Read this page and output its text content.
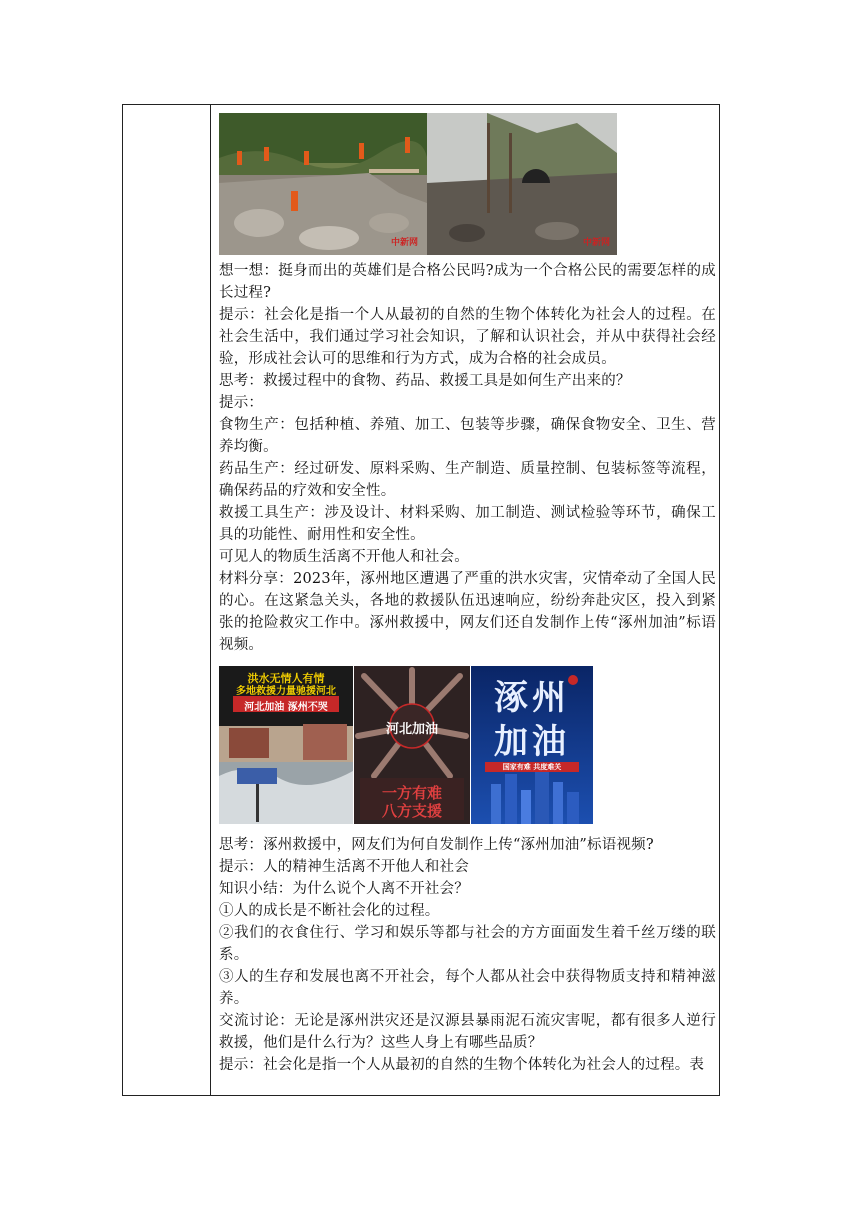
中新网	中新网

想一想：挺身而出的英雄们是合格公民吗?成为一个合格公民的需要怎样的成长过程?

提示：社会化是指一个人从最初的自然的生物个体转化为社会人的过程。在社会生活中，我们通过学习社会知识，了解和认识社会，并从中获得社会经验，形成社会认可的思维和行为方式，成为合格的社会成员。

思考：救援过程中的食物、药品、救援工具是如何生产出来的？

提示：

食物生产：包括种植、养殖、加工、包装等步骤，确保食物安全、卫生、营养均衡。

药品生产：经过研发、原料采购、生产制造、质量控制、包装标签等流程，确保药品的疗效和安全性。

救援工具生产：涉及设计、材料采购、加工制造、测试检验等环节，确保工具的功能性、耐用性和安全性。

可见人的物质生活离不开他人和社会。

材料分享：2023年，涿州地区遭遇了严重的洪水灾害，灾情牵动了全国人民的心。在这紧急关头，各地的救援队伍迅速响应，纷纷奔赴灾区，投入到紧张的抢险救灾工作中。涿州救援中，网友们还自发制作上传“涿州加油”标语视频。

洪水无情人有情
多地救援力量驰援河北
河北加油 涿州不哭
河北加油
一方有难
八方支援
涿州
加油
国家有难 共度难关

思考：涿州救援中，网友们为何自发制作上传“涿州加油”标语视频?

提示：人的精神生活离不开他人和社会

知识小结：为什么说个人离不开社会？

①人的成长是不断社会化的过程。

②我们的衣食住行、学习和娱乐等都与社会的方方面面发生着千丝万缕的联系。

③人的生存和发展也离不开社会，每个人都从社会中获得物质支持和精神滋养。

交流讨论：无论是涿州洪灾还是汉源县暴雨泥石流灾害呢，都有很多人逆行救援，他们是什么行为？这些人身上有哪些品质？

提示：社会化是指一个人从最初的自然的生物个体转化为社会人的过程。表
